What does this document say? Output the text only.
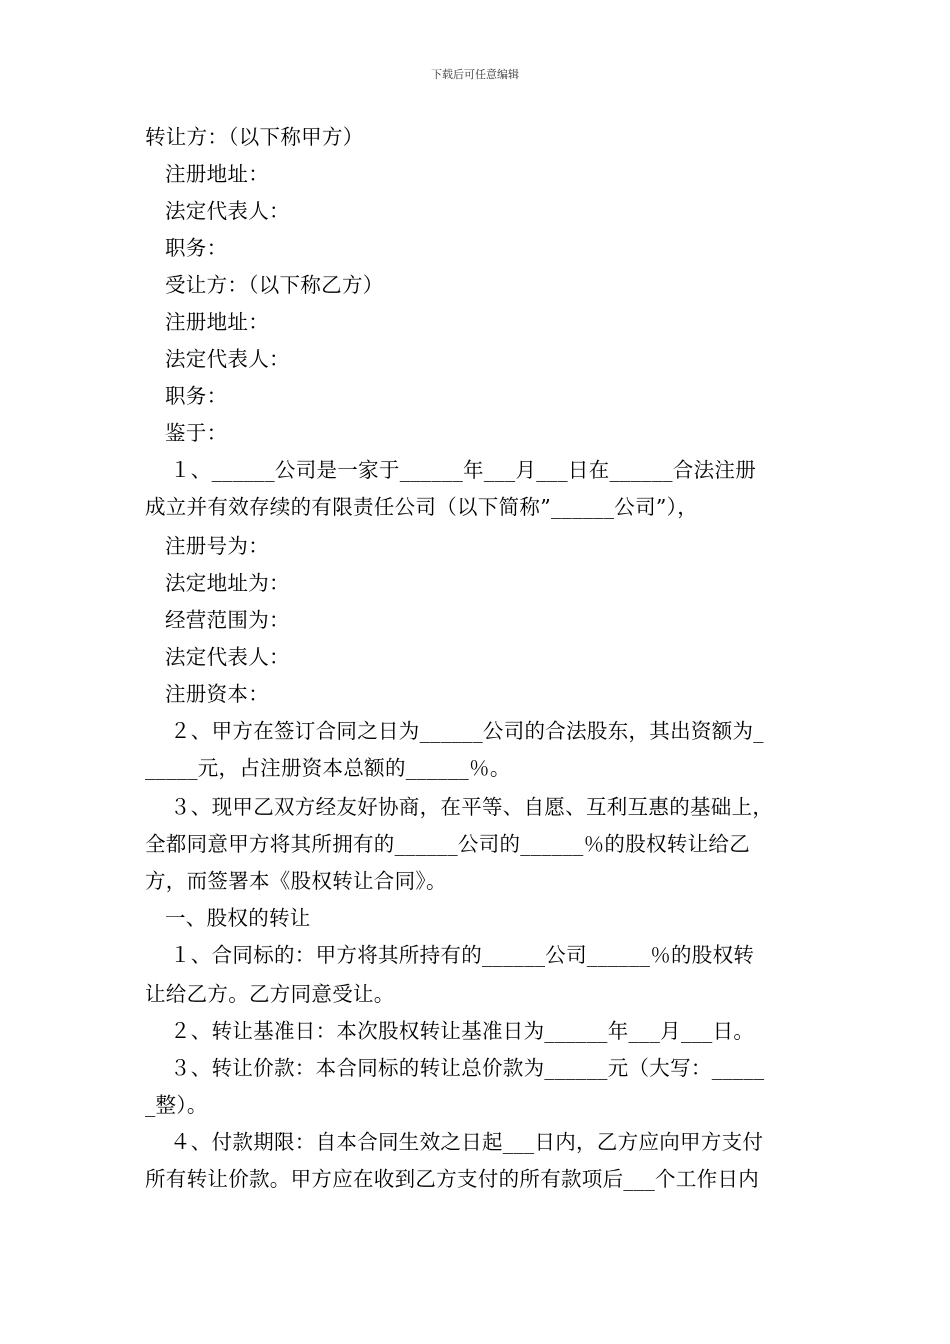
下载后可任意编辑
转让方：（以下称甲方）
注册地址：
法定代表人：
职务：
受让方：（以下称乙方）
注册地址：
法定代表人：
职务：
鉴于：
１、______公司是一家于______年___月___日在______合法注册
成立并有效存续的有限责任公司（以下简称”______公司”），
注册号为：
法定地址为：
经营范围为：
法定代表人：
注册资本：
２、甲方在签订合同之日为______公司的合法股东，其出资额为_
_____元，占注册资本总额的______％。
３、现甲乙双方经友好协商，在平等、自愿、互利互惠的基础上，
全都同意甲方将其所拥有的______公司的______％的股权转让给乙
方，而签署本《股权转让合同》。
一、股权的转让
１、合同标的：甲方将其所持有的______公司______％的股权转
让给乙方。乙方同意受让。
２、转让基准日：本次股权转让基准日为______年___月___日。
３、转让价款：本合同标的转让总价款为______元（大写：_____
_整）。
４、付款期限：自本合同生效之日起___日内，乙方应向甲方支付
所有转让价款。甲方应在收到乙方支付的所有款项后___个工作日内
